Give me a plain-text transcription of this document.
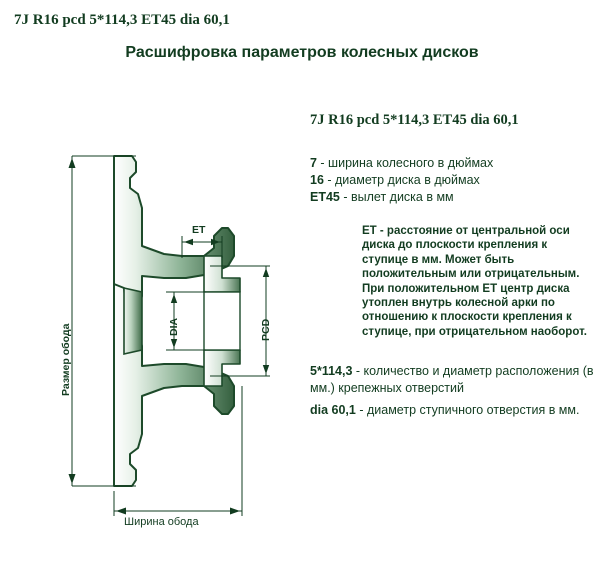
7J R16 pcd 5*114,3 ET45 dia 60,1
Расшифровка параметров колесных дисков
Размер обода
Ширина обода
ET
DIA	PCD
7J R16 pcd 5*114,3 ET45 dia 60,1
7 - ширина колесного в дюймах
16 - диаметр диска в дюймах
ET45 - вылет диска в мм
ЕТ - расстояние от центральной оси диска до плоскости крепления к ступице в мм. Может быть положительным или отрицательным. При положительном ЕТ центр диска утоплен внутрь колесной арки по отношению к плоскости крепления к ступице, при отрицательном наоборот.
5*114,3 - количество и диаметр расположения (в мм.) крепежных отверстий
dia 60,1 - диаметр ступичного отверстия в мм.
